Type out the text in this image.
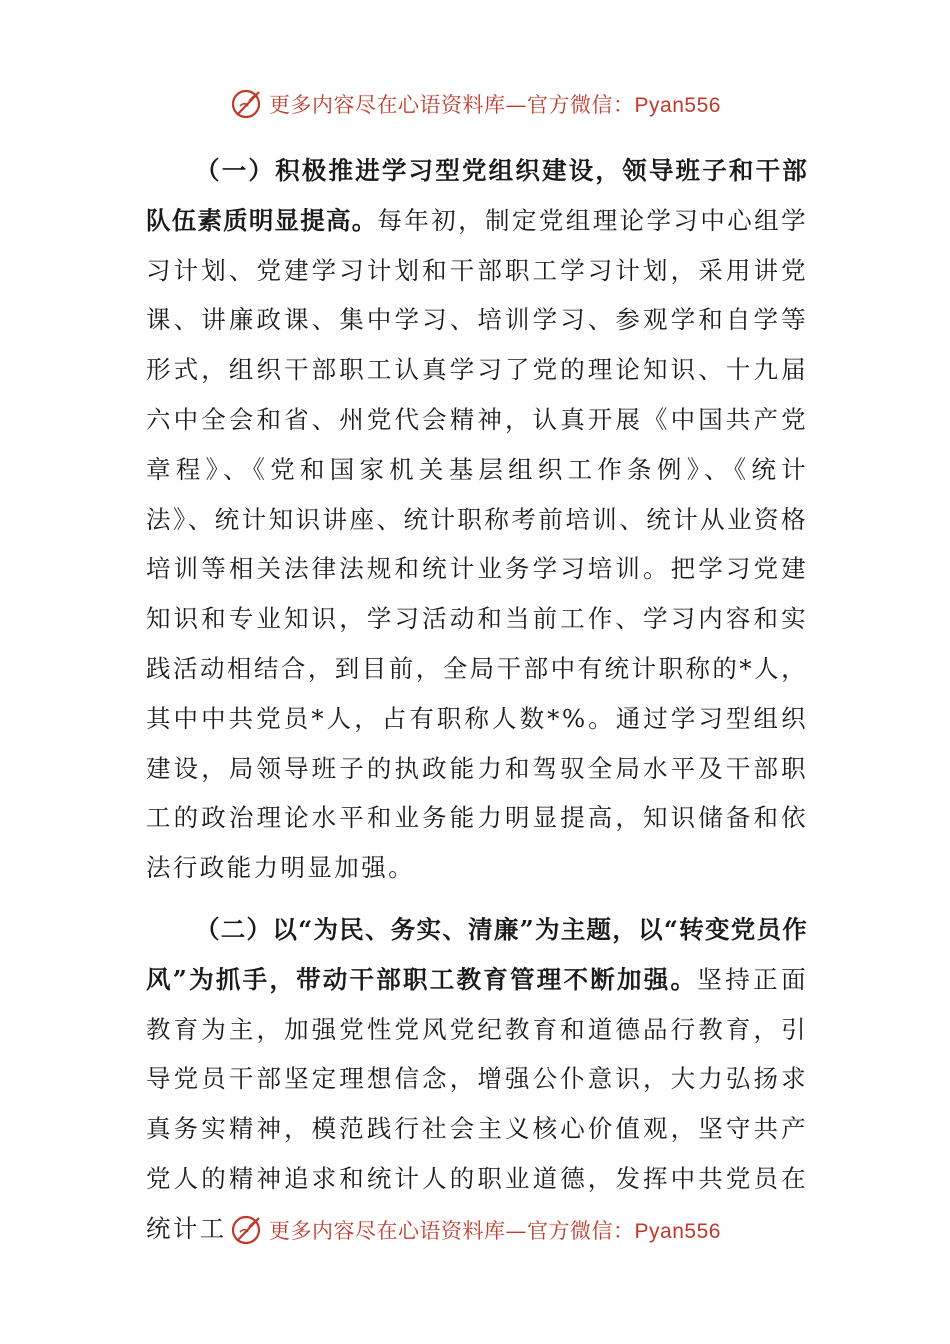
更多内容尽在心语资料库—官方微信：Pyan556

（一）积极推进学习型党组织建设，领导班子和干部队伍素质明显提高。每年初，制定党组理论学习中心组学习计划、党建学习计划和干部职工学习计划，采用讲党课、讲廉政课、集中学习、培训学习、参观学和自学等形式，组织干部职工认真学习了党的理论知识、十九届六中全会和省、州党代会精神，认真开展《中国共产党章程》、《党和国家机关基层组织工作条例》、《统计法》、统计知识讲座、统计职称考前培训、统计从业资格培训等相关法律法规和统计业务学习培训。把学习党建知识和专业知识，学习活动和当前工作、学习内容和实践活动相结合，到目前，全局干部中有统计职称的*人，其中中共党员*人，占有职称人数*%。通过学习型组织建设，局领导班子的执政能力和驾驭全局水平及干部职工的政治理论水平和业务能力明显提高，知识储备和依法行政能力明显加强。

（二）以“为民、务实、清廉”为主题，以“转变党员作风”为抓手，带动干部职工教育管理不断加强。坚持正面教育为主，加强党性党风党纪教育和道德品行教育，引导党员干部坚定理想信念，增强公仆意识，大力弘扬求真务实精神，模范践行社会主义核心价值观，坚守共产党人的精神追求和统计人的职业道德，发挥中共党员在统计工	更多内容尽在心语资料库—官方微信：Pyan556
